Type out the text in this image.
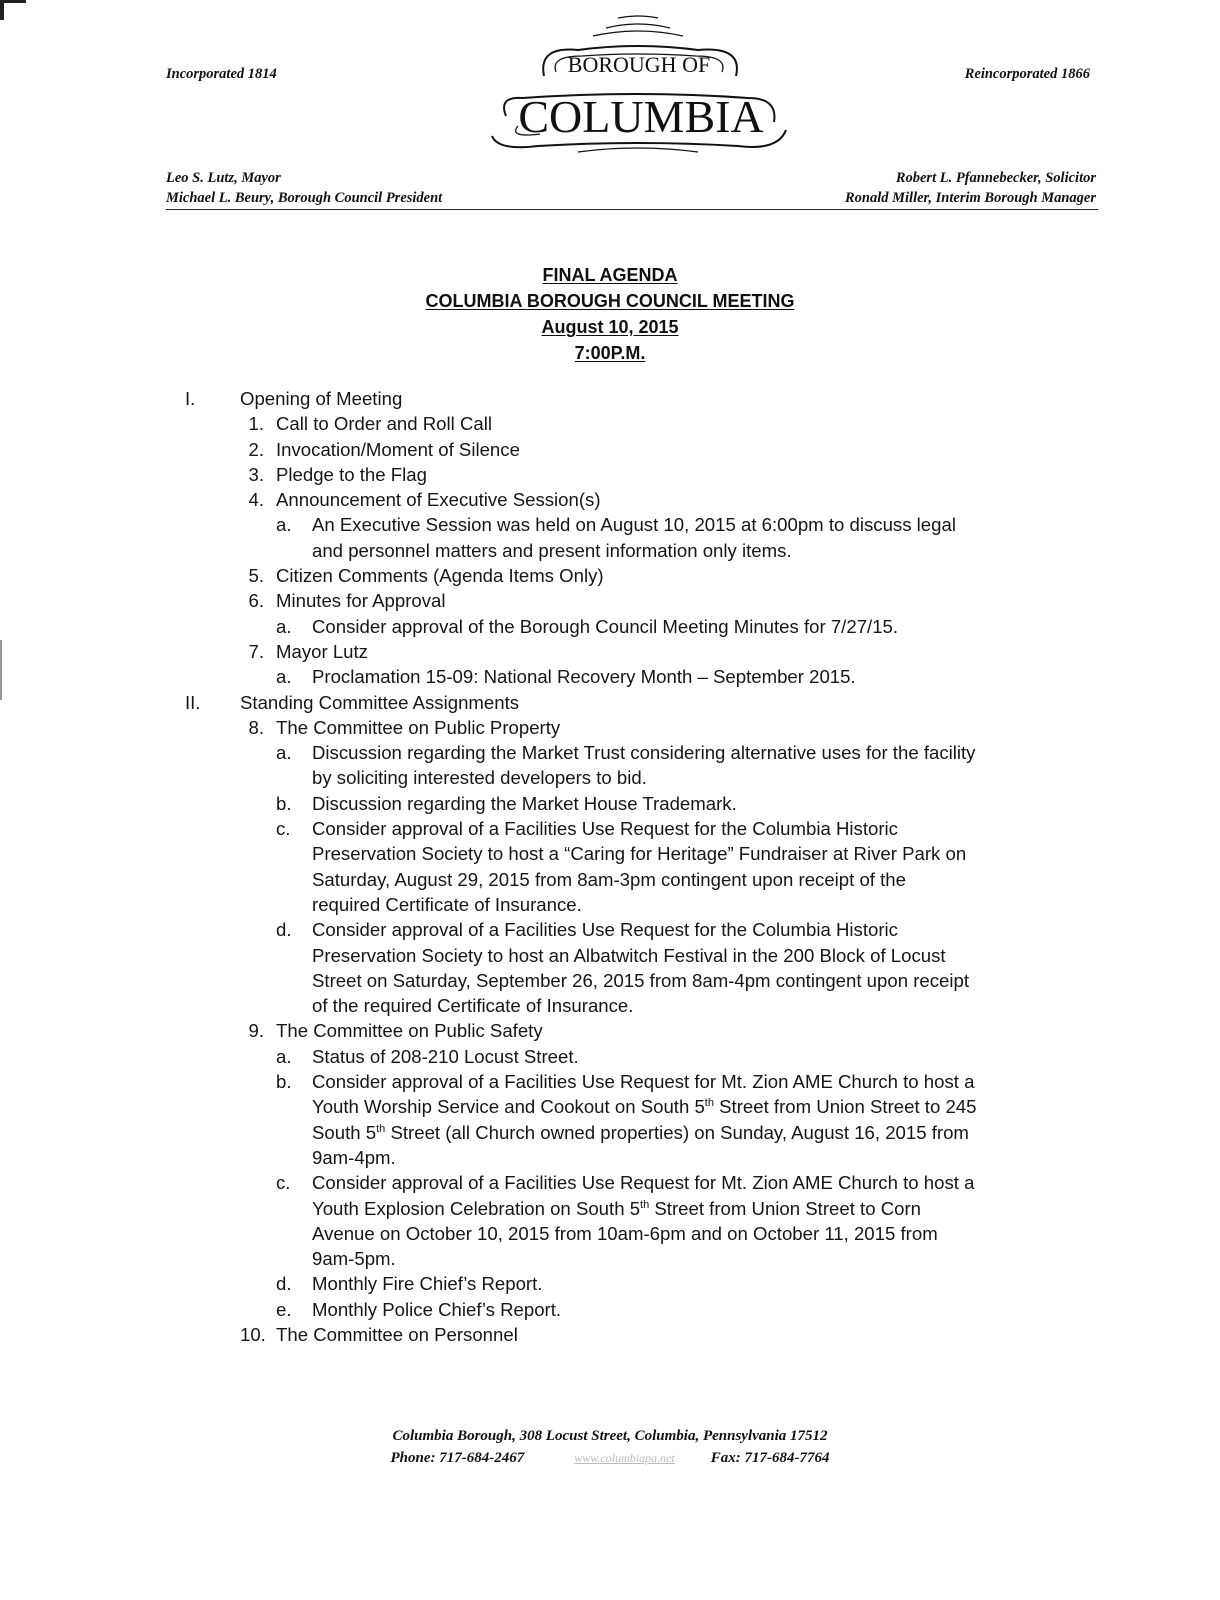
Incorporated 1814	Reincorporated 1866
BOROUGH OF
COLUMBIA
Leo S. Lutz, Mayor
Michael L. Beury, Borough Council President
Robert L. Pfannebecker, Solicitor
Ronald Miller, Interim Borough Manager
FINAL AGENDA
COLUMBIA BOROUGH COUNCIL MEETING
August 10, 2015
7:00P.M.
I. Opening of Meeting
1. Call to Order and Roll Call
2. Invocation/Moment of Silence
3. Pledge to the Flag
4. Announcement of Executive Session(s)
a.	An Executive Session was held on August 10, 2015 at 6:00pm to discuss legal
and personnel matters and present information only items.
5. Citizen Comments (Agenda Items Only)
6. Minutes for Approval
a.	Consider approval of the Borough Council Meeting Minutes for 7/27/15.
7. Mayor Lutz
a.	Proclamation 15-09: National Recovery Month – September 2015.
II. Standing Committee Assignments
8. The Committee on Public Property
a.	Discussion regarding the Market Trust considering alternative uses for the facility
by soliciting interested developers to bid.
b.	Discussion regarding the Market House Trademark.
c.	Consider approval of a Facilities Use Request for the Columbia Historic
Preservation Society to host a “Caring for Heritage” Fundraiser at River Park on
Saturday, August 29, 2015 from 8am-3pm contingent upon receipt of the
required Certificate of Insurance.
d.	Consider approval of a Facilities Use Request for the Columbia Historic
Preservation Society to host an Albatwitch Festival in the 200 Block of Locust
Street on Saturday, September 26, 2015 from 8am-4pm contingent upon receipt
of the required Certificate of Insurance.
9. The Committee on Public Safety
a.	Status of 208-210 Locust Street.
b.	Consider approval of a Facilities Use Request for Mt. Zion AME Church to host a
Youth Worship Service and Cookout on South 5th Street from Union Street to 245
South 5th Street (all Church owned properties) on Sunday, August 16, 2015 from
9am-4pm.
c.	Consider approval of a Facilities Use Request for Mt. Zion AME Church to host a
Youth Explosion Celebration on South 5th Street from Union Street to Corn
Avenue on October 10, 2015 from 10am-6pm and on October 11, 2015 from
9am-5pm.
d.	Monthly Fire Chief’s Report.
e.	Monthly Police Chief’s Report.
10. The Committee on Personnel
Columbia Borough, 308 Locust Street, Columbia, Pennsylvania 17512
Phone: 717-684-2467	www.columbiapa.net Fax: 717-684-7764
